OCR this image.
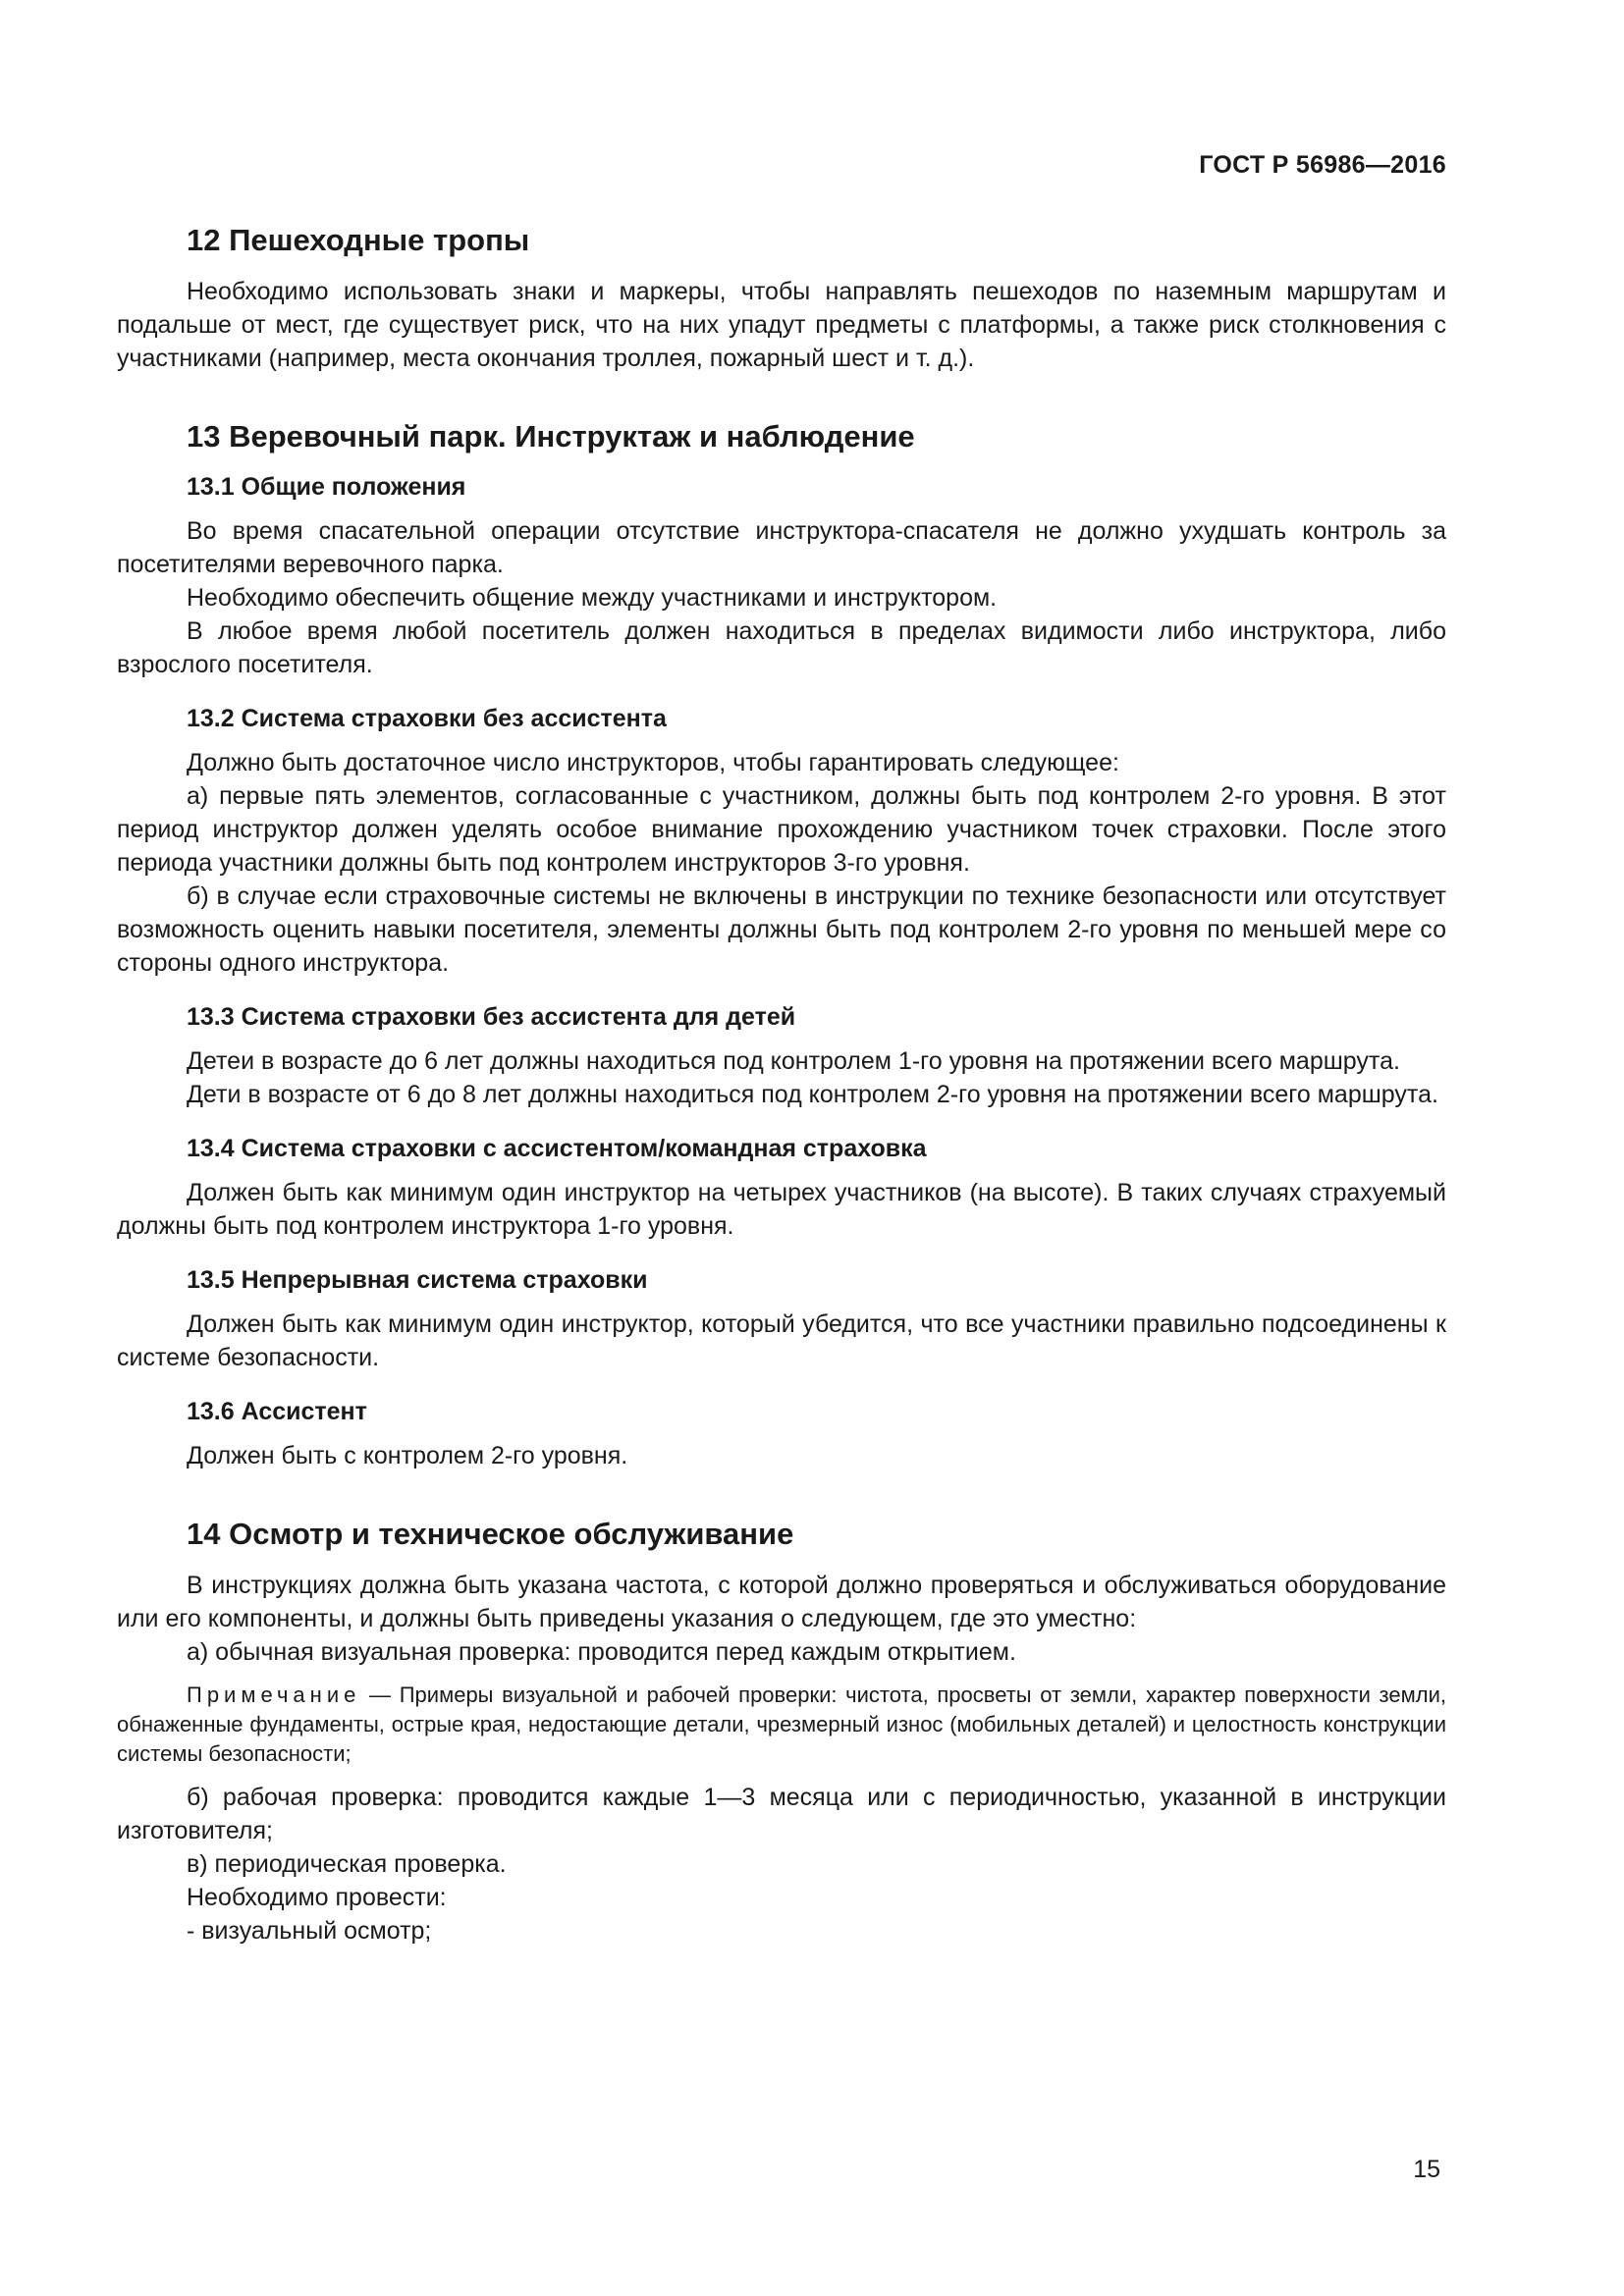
ГОСТ Р 56986—2016
12 Пешеходные тропы

Необходимо использовать знаки и маркеры, чтобы направлять пешеходов по наземным маршрутам и подальше от мест, где существует риск, что на них упадут предметы с платформы, а также риск столкновения с участниками (например, места окончания троллея, пожарный шест и т. д.).

13 Веревочный парк. Инструктаж и наблюдение
13.1 Общие положения

Во время спасательной операции отсутствие инструктора-спасателя не должно ухудшать контроль за посетителями веревочного парка.

Необходимо обеспечить общение между участниками и инструктором.

В любое время любой посетитель должен находиться в пределах видимости либо инструктора, либо взрослого посетителя.

13.2 Система страховки без ассистента

Должно быть достаточное число инструкторов, чтобы гарантировать следующее:

а) первые пять элементов, согласованные с участником, должны быть под контролем 2-го уровня. В этот период инструктор должен уделять особое внимание прохождению участником точек страховки. После этого периода участники должны быть под контролем инструкторов 3-го уровня.

б) в случае если страховочные системы не включены в инструкции по технике безопасности или отсутствует возможность оценить навыки посетителя, элементы должны быть под контролем 2-го уровня по меньшей мере со стороны одного инструктора.

13.3 Система страховки без ассистента для детей

Детеи в возрасте до 6 лет должны находиться под контролем 1-го уровня на протяжении всего маршрута.

Дети в возрасте от 6 до 8 лет должны находиться под контролем 2-го уровня на протяжении всего маршрута.

13.4 Система страховки с ассистентом/командная страховка

Должен быть как минимум один инструктор на четырех участников (на высоте). В таких случаях страхуемый должны быть под контролем инструктора 1-го уровня.

13.5 Непрерывная система страховки

Должен быть как минимум один инструктор, который убедится, что все участники правильно подсоединены к системе безопасности.

13.6 Ассистент

Должен быть с контролем 2-го уровня.

14 Осмотр и техническое обслуживание

В инструкциях должна быть указана частота, с которой должно проверяться и обслуживаться оборудование или его компоненты, и должны быть приведены указания о следующем, где это уместно:

а) обычная визуальная проверка: проводится перед каждым открытием.

Примечание — Примеры визуальной и рабочей проверки: чистота, просветы от земли, характер поверхности земли, обнаженные фундаменты, острые края, недостающие детали, чрезмерный износ (мобильных деталей) и целостность конструкции системы безопасности;

б) рабочая проверка: проводится каждые 1—3 месяца или с периодичностью, указанной в инструкции изготовителя;

в) периодическая проверка.

Необходимо провести:

- визуальный осмотр;

15
